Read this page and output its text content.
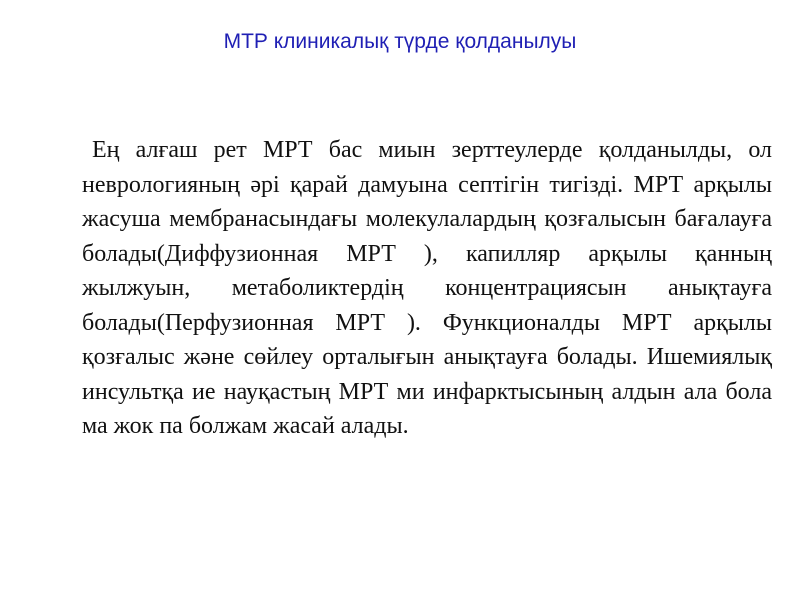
МТР клиникалық түрде қолданылуы

Ең алғаш рет МРТ бас миын зерттеулерде қолданылды, ол неврологияның әрі қарай дамуына септігін тигізді. МРТ арқылы жасуша мембранасындағы молекулалардың қозғалысын бағалауға болады(Диффузионная МРТ ), капилляр арқылы қанның жылжуын, метаболиктердің концентрациясын анықтауға болады(Перфузионная МРТ ). Функционалды МРТ арқылы қозғалыс және сөйлеу орталығын анықтауға болады. Ишемиялық инсультқа ие науқастың МРТ ми инфарктысының алдын ала бола ма жок па болжам жасай алады.
